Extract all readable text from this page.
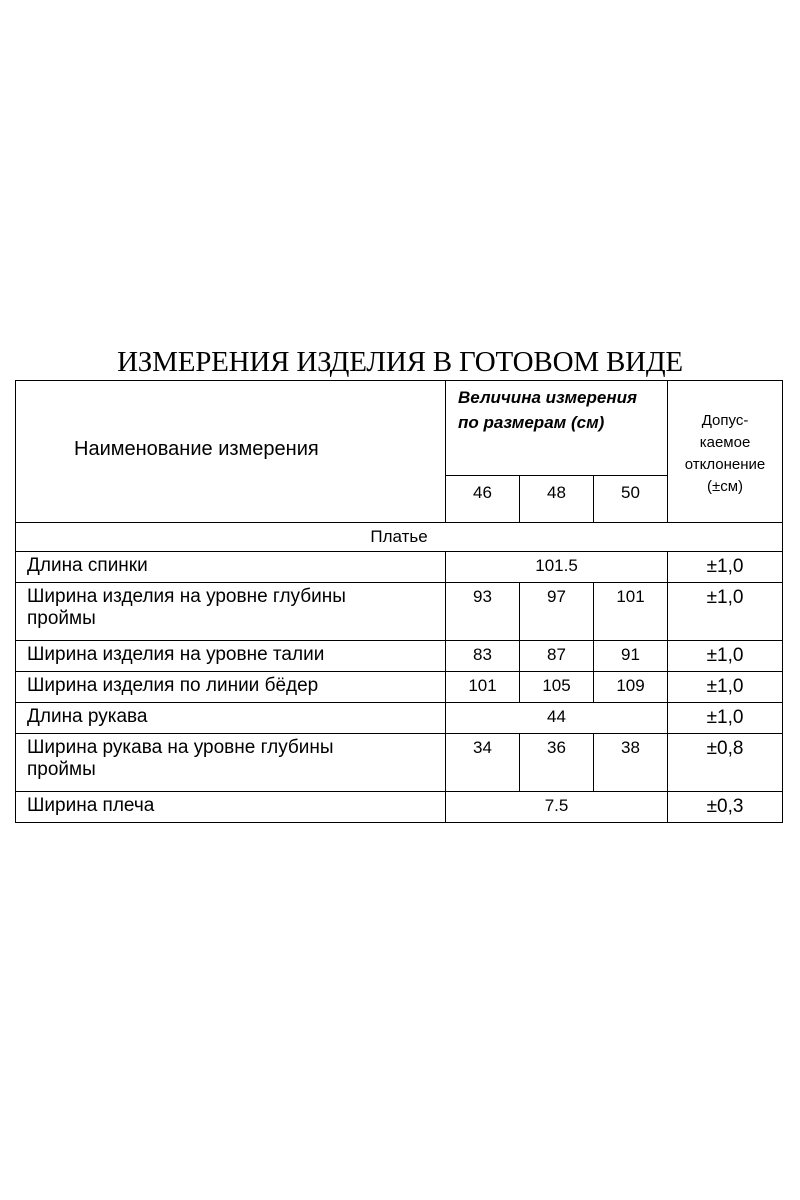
ИЗМЕРЕНИЯ ИЗДЕЛИЯ В ГОТОВОМ ВИДЕ
Наименование измерения	Величина измерения по размерам (см)			Допус-
каемое
отклонение
(±см)
	46	48	50	
Платье				
Длина спинки	101.5			±1,0
Ширина изделия на уровне глубины
проймы	93	97	101	±1,0
Ширина изделия на уровне талии	83	87	91	±1,0
Ширина изделия по линии бёдер	101	105	109	±1,0
Длина рукава	44			±1,0
Ширина рукава на уровне глубины
проймы	34	36	38	±0,8
Ширина плеча	7.5			±0,3
